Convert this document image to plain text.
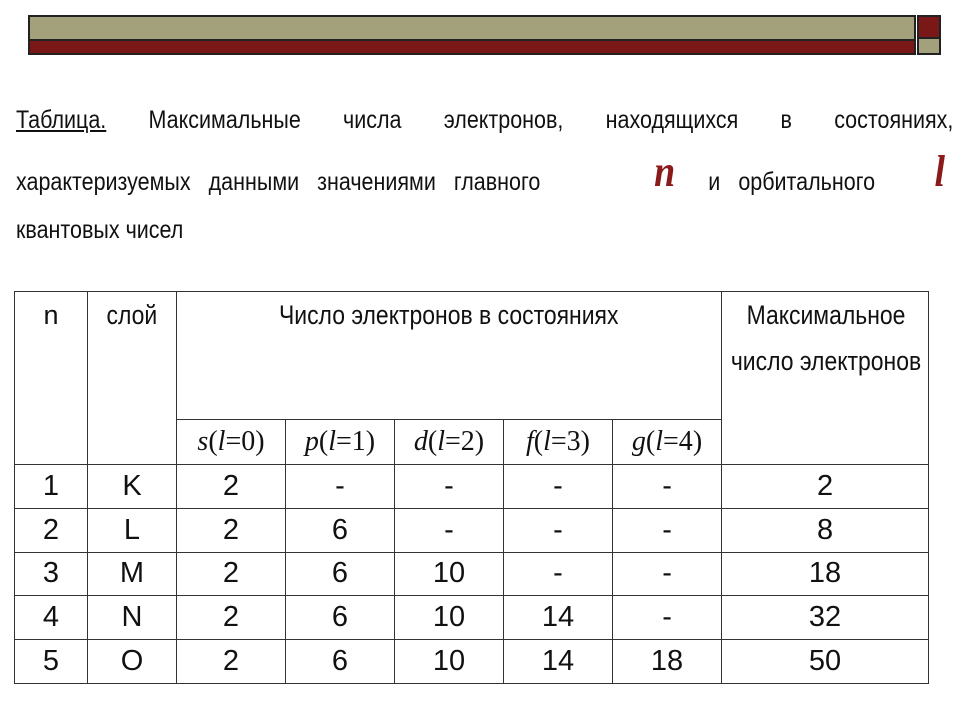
Таблица. Максимальные числа электронов, находящихся в состояниях,
характеризуемых данными значениями главного	n и орбитального l
квантовых чисел
n	слой	Число электронов в состояниях					Максимальное число электронов

		s(l=0)	p(l=1)	d(l=2)	f(l=3)	g(l=4)	
1	K	2	-	-	-	-	2
2	L	2	6	-	-	-	8
3	M	2	6	10	-	-	18
4	N	2	6	10	14	-	32
5	O	2	6	10	14	18	50
